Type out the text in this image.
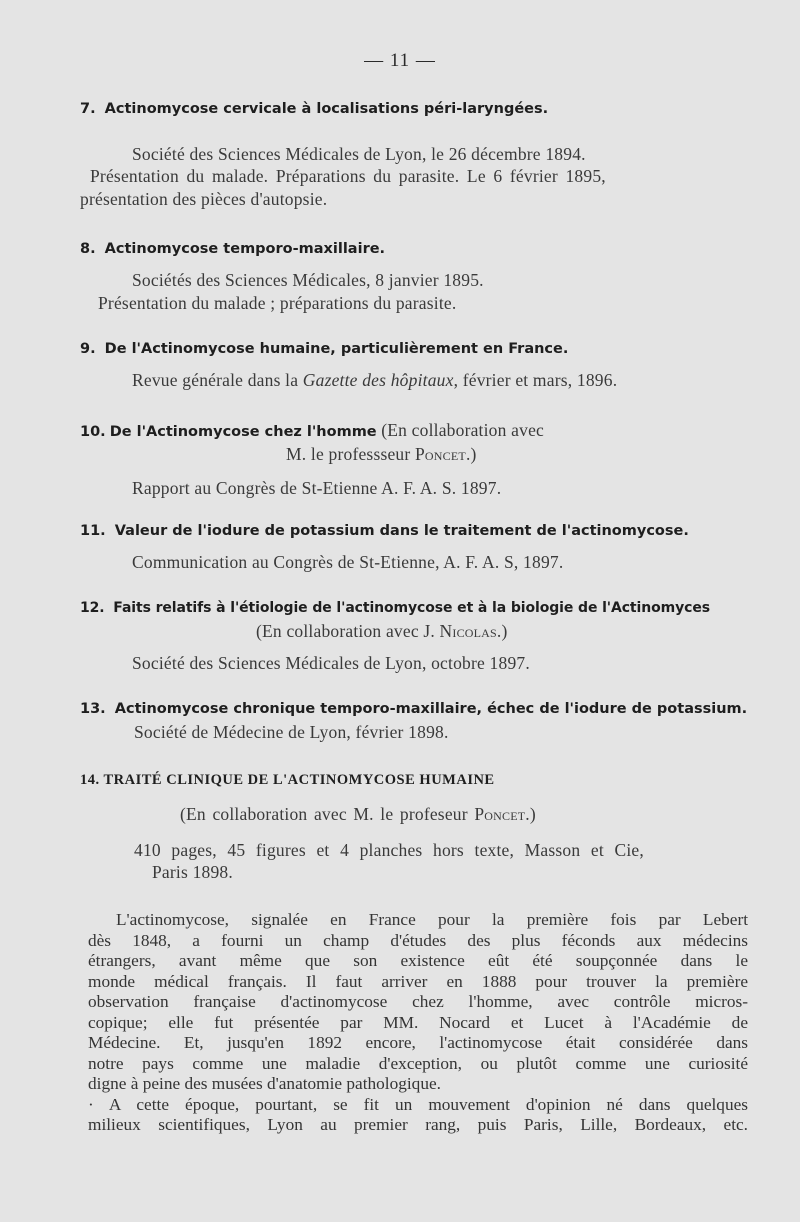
— 11 —
7. Actinomycose cervicale à localisations péri-laryngées.
Société des Sciences Médicales de Lyon, le 26 décembre 1894.
Présentation du malade. Préparations du parasite. Le 6 février 1895,
présentation des pièces d'autopsie.
8. Actinomycose temporo-maxillaire.
Sociétés des Sciences Médicales, 8 janvier 1895.
Présentation du malade ; préparations du parasite.
9. De l'Actinomycose humaine, particulièrement en France.
Revue générale dans la Gazette des hôpitaux, février et mars, 1896.
10. De l'Actinomycose chez l'homme (En collaboration avec
M. le professseur Poncet.)
Rapport au Congrès de St-Etienne A. F. A. S. 1897.
11. Valeur de l'iodure de potassium dans le traitement de l'actinomycose.
Communication au Congrès de St-Etienne, A. F. A. S, 1897.
12. Faits relatifs à l'étiologie de l'actinomycose et à la biologie de l'Actinomyces
(En collaboration avec J. Nicolas.)
Société des Sciences Médicales de Lyon, octobre 1897.
13. Actinomycose chronique temporo-maxillaire, échec de l'iodure de potassium.
Société de Médecine de Lyon, février 1898.
14. TRAITÉ CLINIQUE DE L'ACTINOMYCOSE HUMAINE
(En collaboration avec M. le profeseur Poncet.)
410 pages, 45 figures et 4 planches hors texte, Masson et Cie,
Paris 1898.
L'actinomycose, signalée en France pour la première fois par Lebert
dès 1848, a fourni un champ d'études des plus féconds aux médecins
étrangers, avant même que son existence eût été soupçonnée dans le
monde médical français. Il faut arriver en 1888 pour trouver la première
observation française d'actinomycose chez l'homme, avec contrôle micros-
copique; elle fut présentée par MM. Nocard et Lucet à l'Académie de
Médecine. Et, jusqu'en 1892 encore, l'actinomycose était considérée dans
notre pays comme une maladie d'exception, ou plutôt comme une curiosité
digne à peine des musées d'anatomie pathologique.
· A cette époque, pourtant, se fit un mouvement d'opinion né dans quelques
milieux scientifiques, Lyon au premier rang, puis Paris, Lille, Bordeaux, etc.
